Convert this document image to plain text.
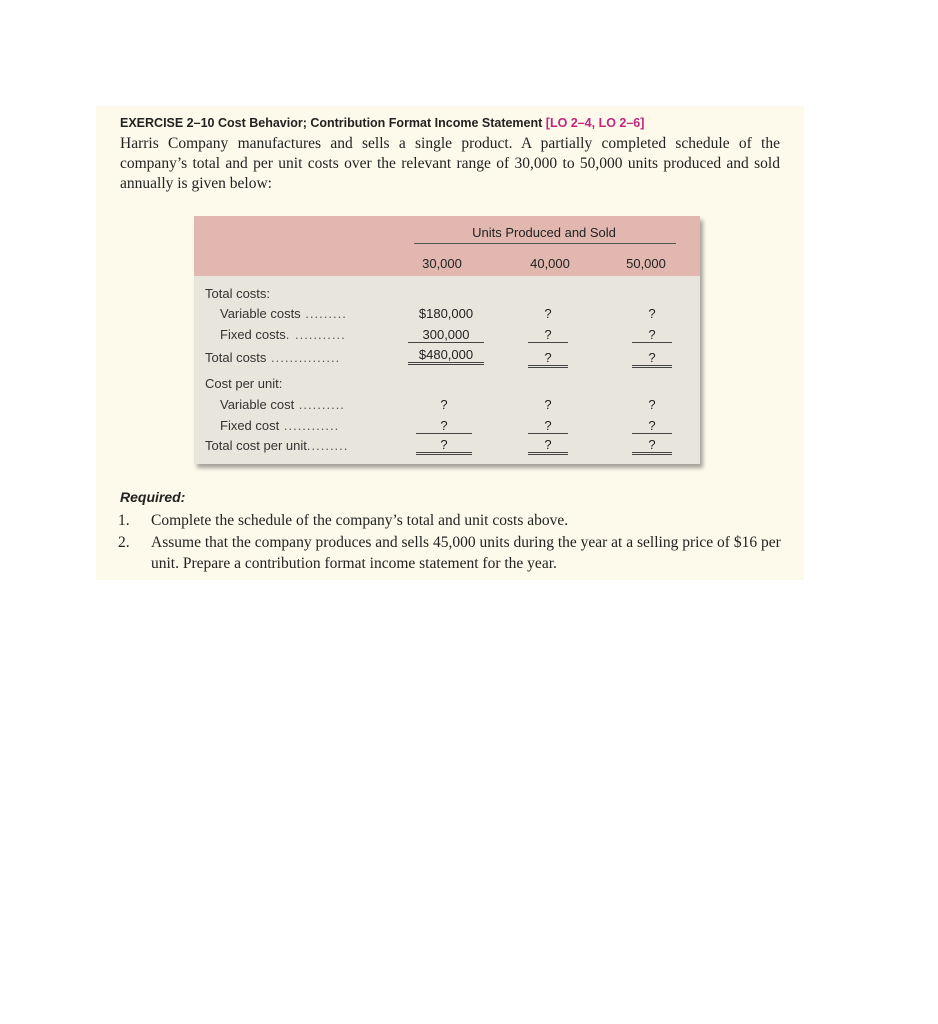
EXERCISE 2–10 Cost Behavior; Contribution Format Income Statement [LO 2–4, LO 2–6]
Harris Company manufactures and sells a single product. A partially completed schedule of the company’s total and per unit costs over the relevant range of 30,000 to 50,000 units produced and sold annually is given below:
Units Produced and Sold
30,000	40,000	50,000
Total costs:
Variable costs .........
Fixed costs. ...........
Total costs ...............
Cost per unit:
Variable cost ..........
Fixed cost ............
Total cost per unit.........
$180,000
300,000
$480,000
?
?
?
?
?
?
?
?
?
?
?
?
?
?
?
Required:
1. Complete the schedule of the company’s total and unit costs above.
2. Assume that the company produces and sells 45,000 units during the year at a selling price of $16 per unit. Prepare a contribution format income statement for the year.
